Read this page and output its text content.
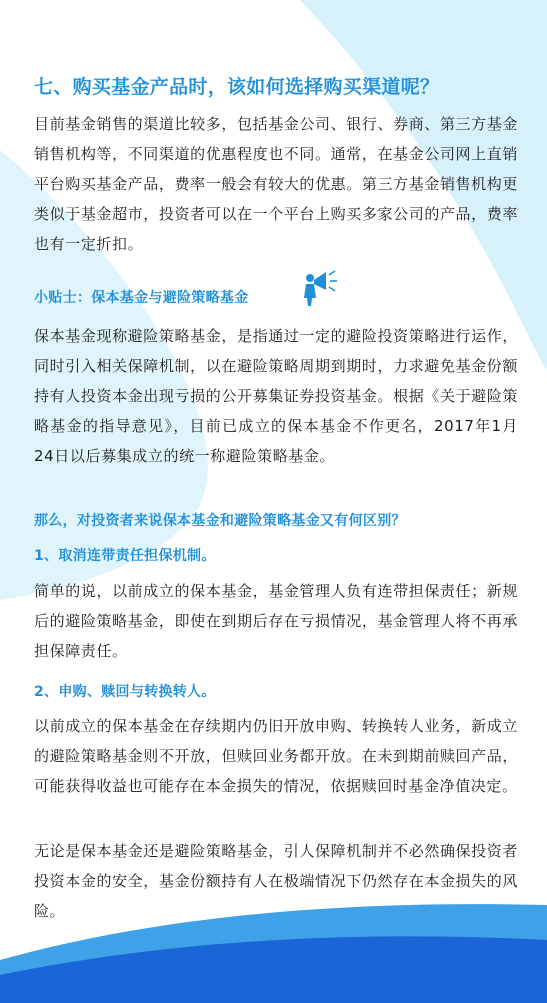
七、购买基金产品时，该如何选择购买渠道呢？

目前基金销售的渠道比较多，包括基金公司、银行、券商、第三方基金销售机构等，不同渠道的优惠程度也不同。通常，在基金公司网上直销平台购买基金产品，费率一般会有较大的优惠。第三方基金销售机构更类似于基金超市，投资者可以在一个平台上购买多家公司的产品，费率也有一定折扣。

小贴士：保本基金与避险策略基金

保本基金现称避险策略基金，是指通过一定的避险投资策略进行运作，同时引入相关保障机制，以在避险策略周期到期时，力求避免基金份额持有人投资本金出现亏损的公开募集证券投资基金。根据《关于避险策略基金的指导意见》，目前已成立的保本基金不作更名，2017年1月24日以后募集成立的统一称避险策略基金。

那么，对投资者来说保本基金和避险策略基金又有何区别？
1、取消连带责任担保机制。

简单的说，以前成立的保本基金，基金管理人负有连带担保责任；新规后的避险策略基金，即使在到期后存在亏损情况，基金管理人将不再承担保障责任。

2、申购、赎回与转换转人。

以前成立的保本基金在存续期内仍旧开放申购、转换转人业务，新成立的避险策略基金则不开放，但赎回业务都开放。在未到期前赎回产品，可能获得收益也可能存在本金损失的情况，依据赎回时基金净值决定。

无论是保本基金还是避险策略基金，引人保障机制并不必然确保投资者投资本金的安全，基金份额持有人在极端情况下仍然存在本金损失的风险。
